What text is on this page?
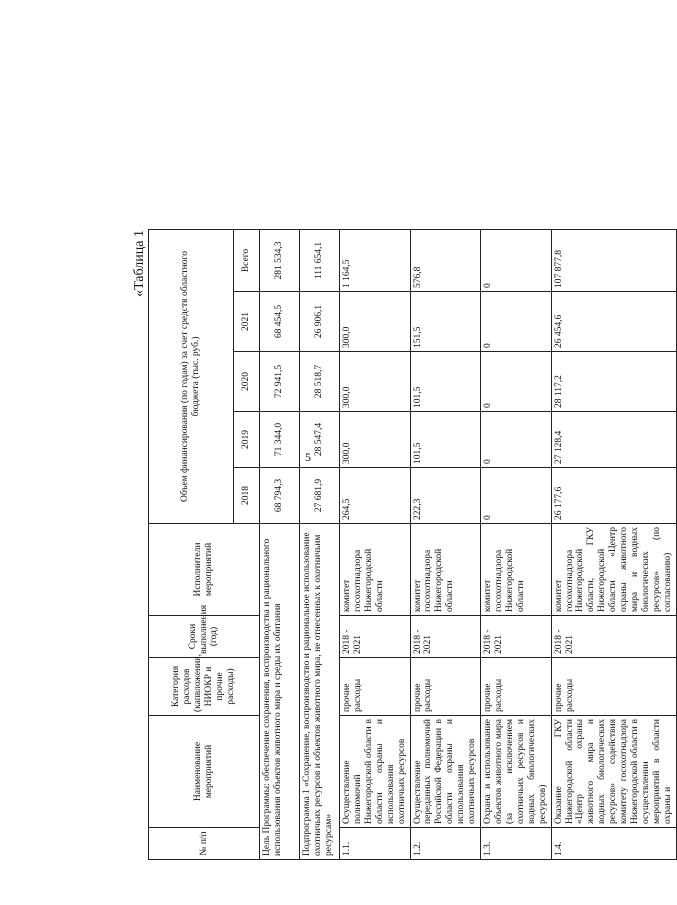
5
«Таблица 1
№ п/п	Наименование мероприятий	Категория расходов (капвложения, НИОКР и прочие расходы)	Сроки выполнения (год)	Исполнители мероприятий	Объем финансирования (по годам) за счет средств областного бюджета (тыс. руб.)				
					2018	2019	2020	2021	Всего
Цель Программы: обеспечение сохранения, воспроизводства и рационального использования объектов животного мира и среды их обитания					68 794,3	71 344,0	72 941,5	68 454,5	281 534,3
Подпрограмма 1 «Сохранение, воспроизводство и рациональное использование охотничьих ресурсов и объектов животного мира, не отнесенных к охотничьим ресурсам»					27 681,9	28 547,4	28 518,7	26 906,1	111 654,1
1.1.	Осуществление полномочий Нижегородской области в области охраны и использования охотничьих ресурсов	прочие расходы	2018 - 2021	комитет госохотнадзора Нижегородской области	264,5	300,0	300,0	300,0	1 164,5
1.2.	Осуществление переданных полномочий Российской Федерации в области охраны и использования охотничьих ресурсов	прочие расходы	2018 - 2021	комитет госохотнадзора Нижегородской области	222,3	101,5	101,5	151,5	576,8
1.3.	Охрана и использование объектов животного мира (за исключением охотничьих ресурсов и водных биологических ресурсов)	прочие расходы	2018 - 2021	комитет госохотнадзора Нижегородской области	0	0	0	0	0
1.4.	Оказание ГКУ Нижегородской области «Центр охраны животного мира и водных биологических ресурсов» содействия комитету госохотнадзора Нижегородской области в осуществлении мероприятий в области охраны и	прочие расходы	2018 - 2021	комитет госохотнадзора Нижегородской области, ГКУ Нижегородской области «Центр охраны животного мира и водных биологических ресурсов» (по согласованию)	26 177,6	27 128,4	28 117,2	26 454,6	107 877,8
